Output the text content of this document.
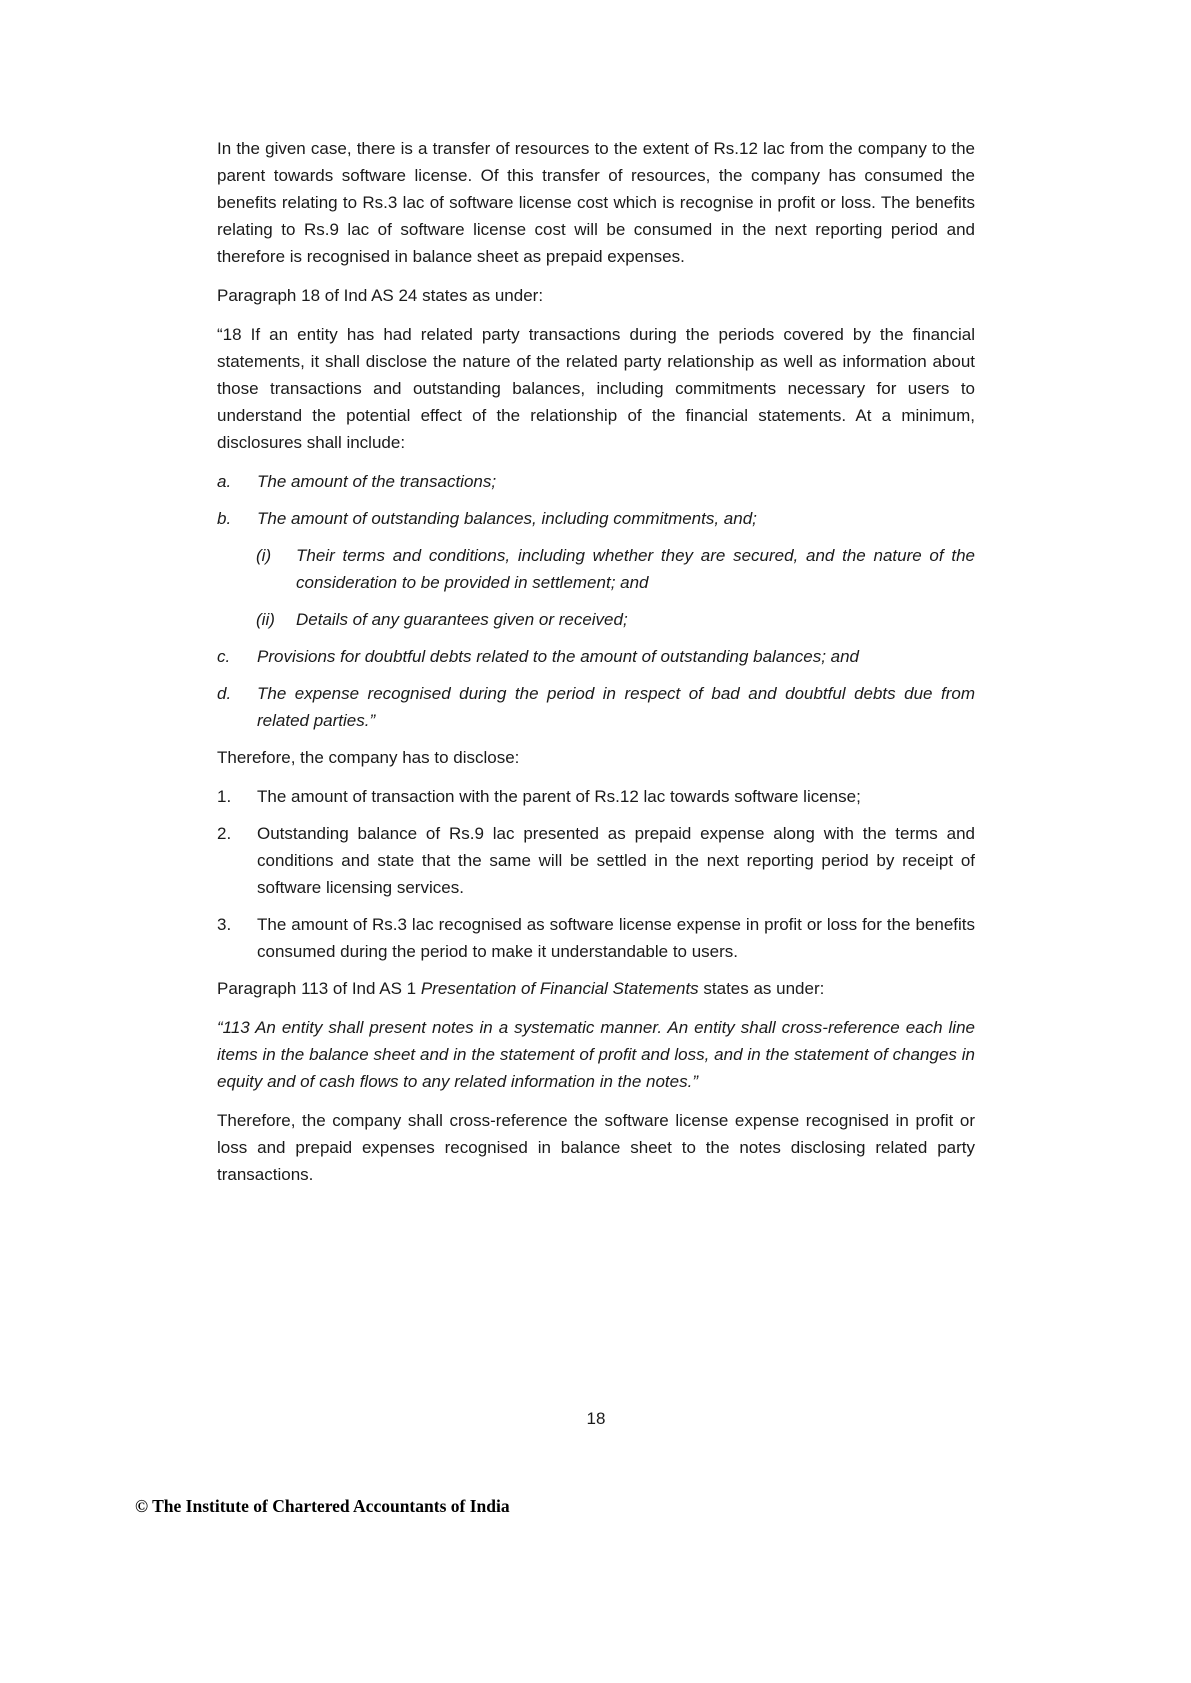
In the given case, there is a transfer of resources to the extent of Rs.12 lac from the company to the parent towards software license. Of this transfer of resources, the company has consumed the benefits relating to Rs.3 lac of software license cost which is recognise in profit or loss. The benefits relating to Rs.9 lac of software license cost will be consumed in the next reporting period and therefore is recognised in balance sheet as prepaid expenses.

Paragraph 18 of Ind AS 24 states as under:

“18 If an entity has had related party transactions during the periods covered by the financial statements, it shall disclose the nature of the related party relationship as well as information about those transactions and outstanding balances, including commitments necessary for users to understand the potential effect of the relationship of the financial statements. At a minimum, disclosures shall include:

a.	The amount of the transactions;
b.	The amount of outstanding balances, including commitments, and;
(i)	Their terms and conditions, including whether they are secured, and the nature of the consideration to be provided in settlement; and
(ii)	Details of any guarantees given or received;
c.	Provisions for doubtful debts related to the amount of outstanding balances; and
d.	The expense recognised during the period in respect of bad and doubtful debts due from related parties.”

Therefore, the company has to disclose:

1.	The amount of transaction with the parent of Rs.12 lac towards software license;
2.	Outstanding balance of Rs.9 lac presented as prepaid expense along with the terms and conditions and state that the same will be settled in the next reporting period by receipt of software licensing services.
3.	The amount of Rs.3 lac recognised as software license expense in profit or loss for the benefits consumed during the period to make it understandable to users.

Paragraph 113 of Ind AS 1 Presentation of Financial Statements states as under:

“113 An entity shall present notes in a systematic manner. An entity shall cross-reference each line items in the balance sheet and in the statement of profit and loss, and in the statement of changes in equity and of cash flows to any related information in the notes.”

Therefore, the company shall cross-reference the software license expense recognised in profit or loss and prepaid expenses recognised in balance sheet to the notes disclosing related party transactions.

18
© The Institute of Chartered Accountants of India
